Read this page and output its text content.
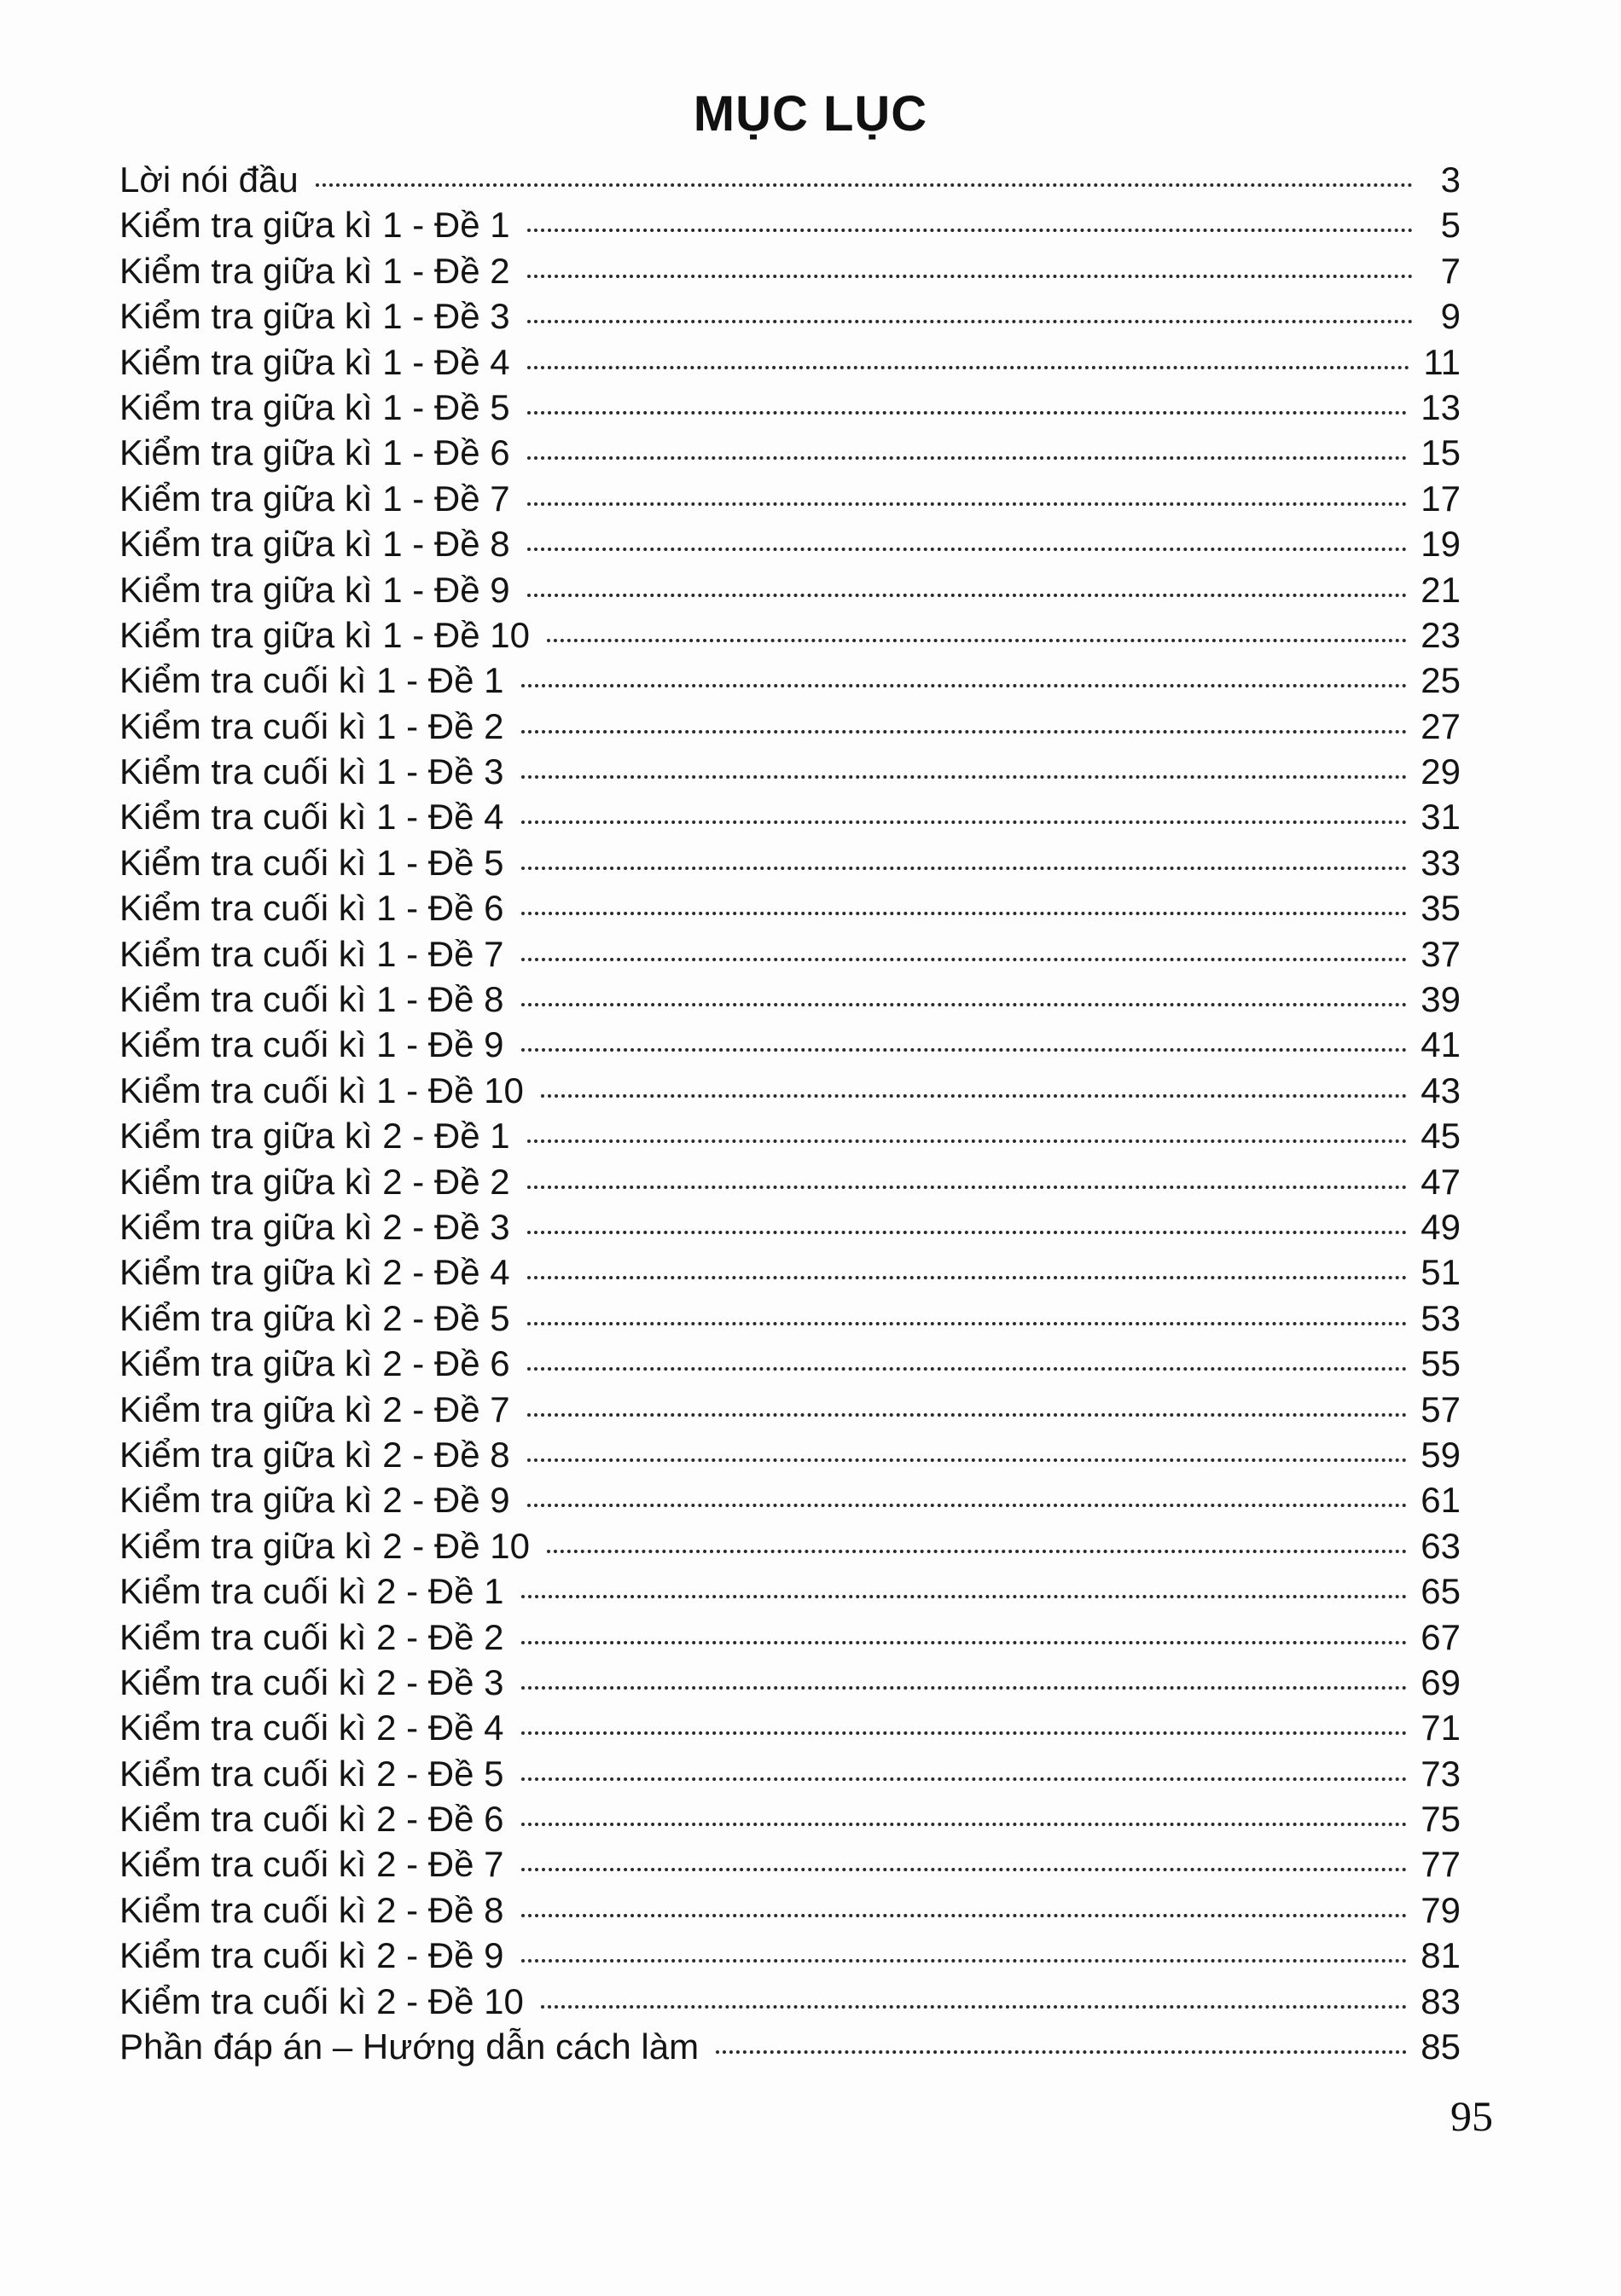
MỤC LỤC
Lời nói đầu	3
Kiểm tra giữa kì 1 - Đề 1	5
Kiểm tra giữa kì 1 - Đề 2	7
Kiểm tra giữa kì 1 - Đề 3	9
Kiểm tra giữa kì 1 - Đề 4	11
Kiểm tra giữa kì 1 - Đề 5	13
Kiểm tra giữa kì 1 - Đề 6	15
Kiểm tra giữa kì 1 - Đề 7	17
Kiểm tra giữa kì 1 - Đề 8	19
Kiểm tra giữa kì 1 - Đề 9	21
Kiểm tra giữa kì 1 - Đề 10	23
Kiểm tra cuối kì 1 - Đề 1	25
Kiểm tra cuối kì 1 - Đề 2	27
Kiểm tra cuối kì 1 - Đề 3	29
Kiểm tra cuối kì 1 - Đề 4	31
Kiểm tra cuối kì 1 - Đề 5	33
Kiểm tra cuối kì 1 - Đề 6	35
Kiểm tra cuối kì 1 - Đề 7	37
Kiểm tra cuối kì 1 - Đề 8	39
Kiểm tra cuối kì 1 - Đề 9	41
Kiểm tra cuối kì 1 - Đề 10	43
Kiểm tra giữa kì 2 - Đề 1	45
Kiểm tra giữa kì 2 - Đề 2	47
Kiểm tra giữa kì 2 - Đề 3	49
Kiểm tra giữa kì 2 - Đề 4	51
Kiểm tra giữa kì 2 - Đề 5	53
Kiểm tra giữa kì 2 - Đề 6	55
Kiểm tra giữa kì 2 - Đề 7	57
Kiểm tra giữa kì 2 - Đề 8	59
Kiểm tra giữa kì 2 - Đề 9	61
Kiểm tra giữa kì 2 - Đề 10	63
Kiểm tra cuối kì 2 - Đề 1	65
Kiểm tra cuối kì 2 - Đề 2	67
Kiểm tra cuối kì 2 - Đề 3	69
Kiểm tra cuối kì 2 - Đề 4	71
Kiểm tra cuối kì 2 - Đề 5	73
Kiểm tra cuối kì 2 - Đề 6	75
Kiểm tra cuối kì 2 - Đề 7	77
Kiểm tra cuối kì 2 - Đề 8	79
Kiểm tra cuối kì 2 - Đề 9	81
Kiểm tra cuối kì 2 - Đề 10	83
Phần đáp án – Hướng dẫn cách làm	85
95
